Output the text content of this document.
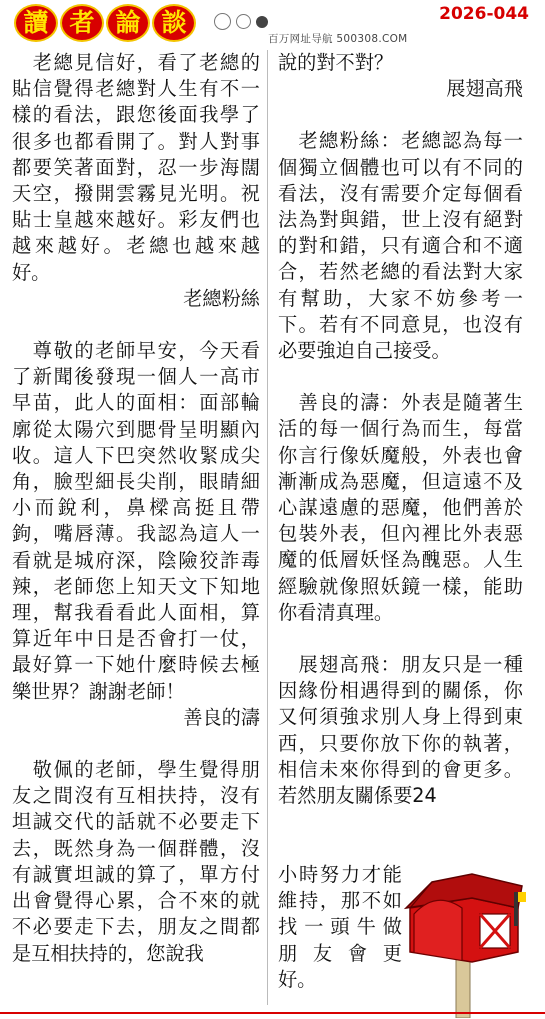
讀 者 論 談	2026-044
百万网址导航 500308.COM

　老總見信好，看了老總的貼信覺得老總對人生有不一樣的看法，跟您後面我學了很多也都看開了。對人對事都要笑著面對，忍一步海闊天空，撥開雲霧見光明。祝貼士皇越來越好。彩友們也越來越好。老總也越來越好。

老總粉絲

　尊敬的老師早安，今天看了新聞後發現一個人一高市早苗，此人的面相：面部輪廓從太陽穴到腮骨呈明顯內收。這人下巴突然收緊成尖角，臉型細長尖削，眼睛細小而銳利，鼻樑高挺且帶鉤，嘴唇薄。我認為這人一看就是城府深，陰險狡詐毒辣，老師您上知天文下知地理，幫我看看此人面相，算算近年中日是否會打一仗，最好算一下她什麼時候去極樂世界？謝謝老師！

善良的濤

　敬佩的老師，學生覺得朋友之間沒有互相扶持，沒有坦誠交代的話就不必要走下去，既然身為一個群體，沒有誠實坦誠的算了，單方付出會覺得心累，合不來的就不必要走下去，朋友之間都是互相扶持的，您說我

說的對不對？

展翅高飛

　老總粉絲：老總認為每一個獨立個體也可以有不同的看法，沒有需要介定每個看法為對與錯，世上沒有絕對的對和錯，只有適合和不適合，若然老總的看法對大家有幫助，大家不妨參考一下。若有不同意見，也沒有必要強迫自己接受。

　善良的濤：外表是隨著生活的每一個行為而生，每當你言行像妖魔般，外表也會漸漸成為惡魔，但這遠不及心謀遠慮的惡魔，他們善於包裝外表，但內裡比外表惡魔的低層妖怪為醜惡。人生經驗就像照妖鏡一樣，能助你看清真理。

　展翅高飛：朋友只是一種因緣份相遇得到的關係，你又何須強求別人身上得到東西，只要你放下你的執著，相信未來你得到的會更多。若然朋友關係要24

小時努力才能

維持，那不如

找一頭牛做

朋友會更

好。
